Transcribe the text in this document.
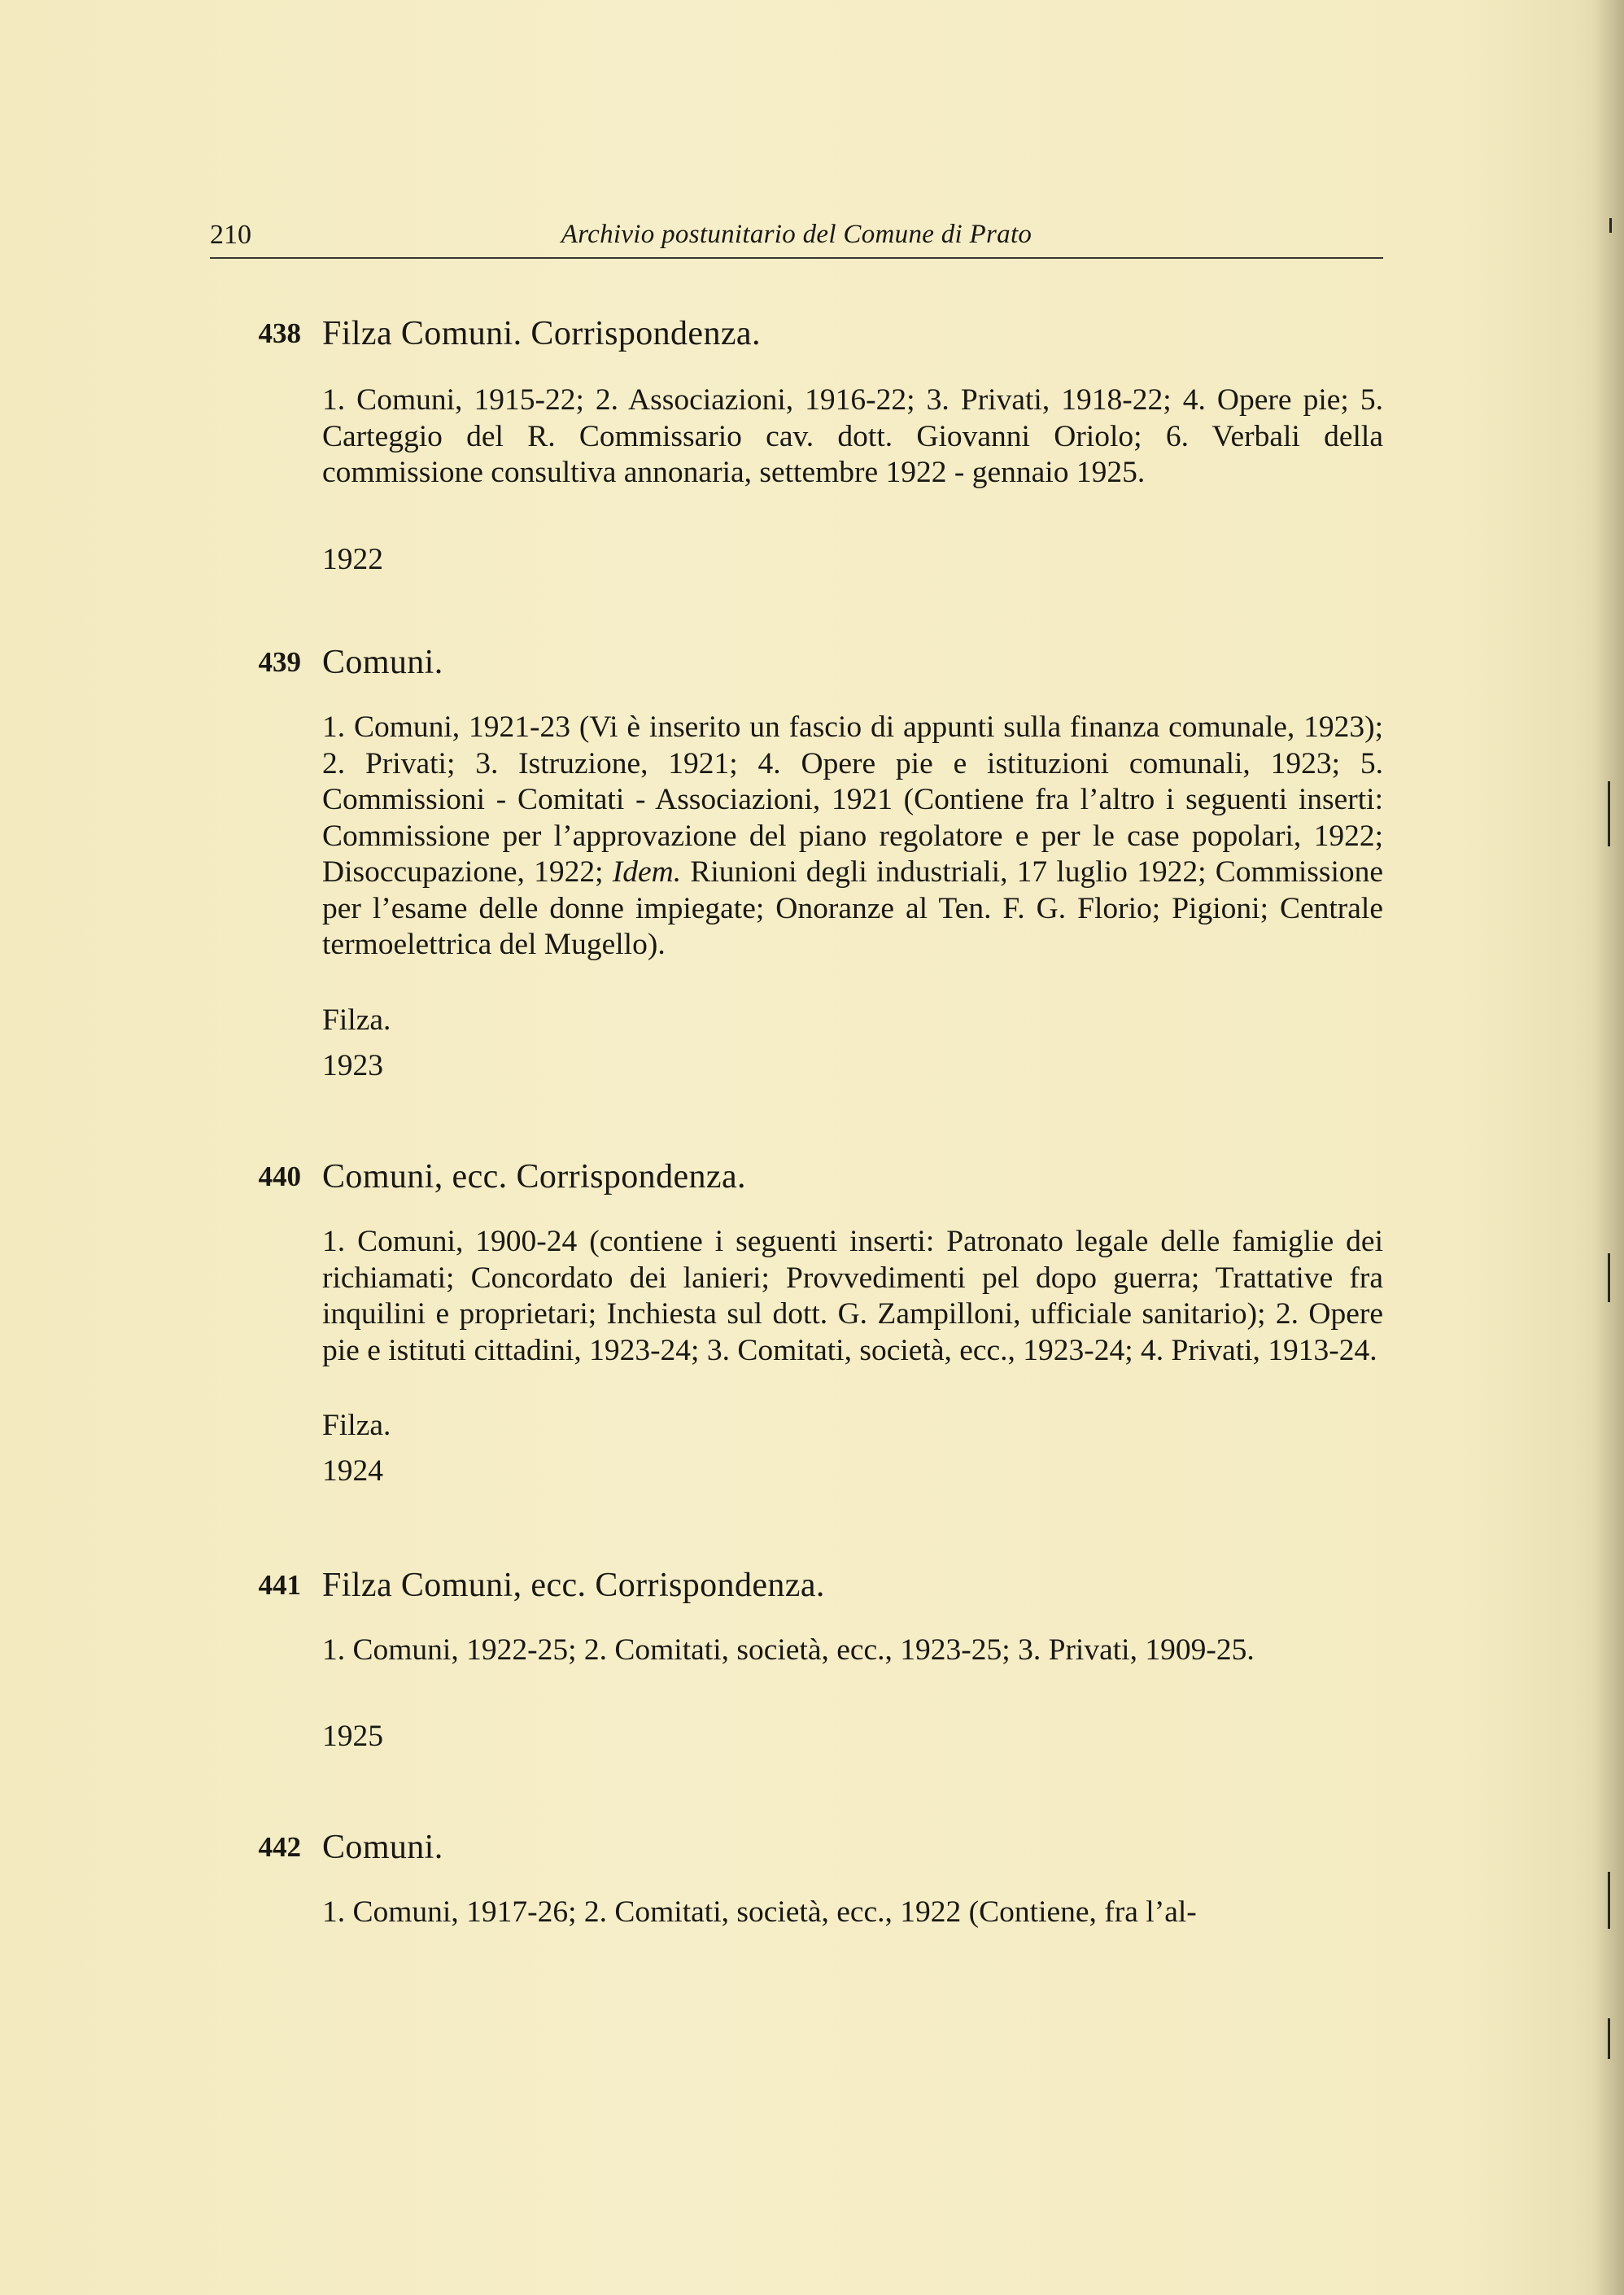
210	Archivio postunitario del Comune di Prato
438 Filza Comuni. Corrispondenza.
1. Comuni, 1915-22; 2. Associazioni, 1916-22; 3. Privati, 1918-22; 4. Opere pie; 5. Carteggio del R. Commissario cav. dott. Giovanni Oriolo; 6. Verbali della commissione consultiva annonaria, settembre 1922 - gennaio 1925.
1922
439 Comuni.
1. Comuni, 1921-23 (Vi è inserito un fascio di appunti sulla finanza comunale, 1923); 2. Privati; 3. Istruzione, 1921; 4. Opere pie e istituzioni comunali, 1923; 5. Commissioni - Comitati - Associazioni, 1921 (Contiene fra l’altro i seguenti inserti: Commissione per l’approvazione del piano regolatore e per le case popolari, 1922; Disoccupazione, 1922; Idem. Riunioni degli industriali, 17 luglio 1922; Commissione per l’esame delle donne impiegate; Onoranze al Ten. F. G. Florio; Pigioni; Centrale termoelettrica del Mugello).
Filza.
1923
440 Comuni, ecc. Corrispondenza.
1. Comuni, 1900-24 (contiene i seguenti inserti: Patronato legale delle famiglie dei richiamati; Concordato dei lanieri; Provvedimenti pel dopo guerra; Trattative fra inquilini e proprietari; Inchiesta sul dott. G. Zampilloni, ufficiale sanitario); 2. Opere pie e istituti cittadini, 1923-24; 3. Comitati, società, ecc., 1923-24; 4. Privati, 1913-24.
Filza.
1924
441 Filza Comuni, ecc. Corrispondenza.
1. Comuni, 1922-25; 2. Comitati, società, ecc., 1923-25; 3. Privati, 1909-25.
1925
442 Comuni.
1. Comuni, 1917-26; 2. Comitati, società, ecc., 1922 (Contiene, fra l’al-
